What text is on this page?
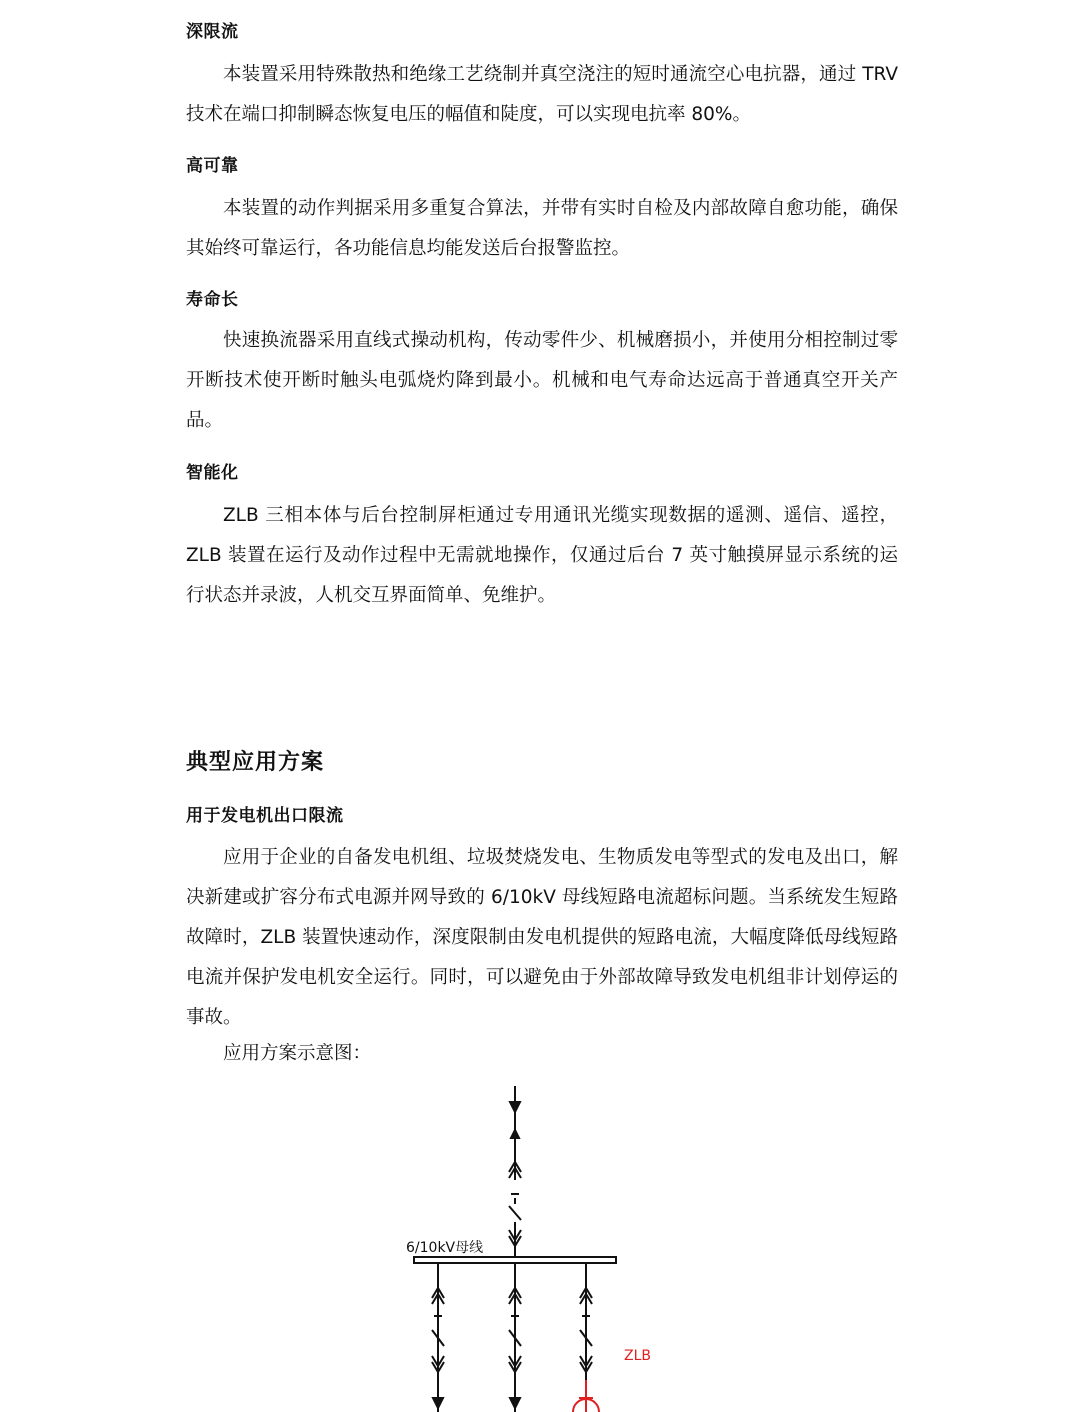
深限流

本装置采用特殊散热和绝缘工艺绕制并真空浇注的短时通流空心电抗器，通过 TRV 技术在端口抑制瞬态恢复电压的幅值和陡度，可以实现电抗率 80%。

高可靠

本装置的动作判据采用多重复合算法，并带有实时自检及内部故障自愈功能，确保其始终可靠运行，各功能信息均能发送后台报警监控。

寿命长

快速换流器采用直线式操动机构，传动零件少、机械磨损小，并使用分相控制过零开断技术使开断时触头电弧烧灼降到最小。机械和电气寿命达远高于普通真空开关产品。

智能化

ZLB 三相本体与后台控制屏柜通过专用通讯光缆实现数据的遥测、遥信、遥控，ZLB 装置在运行及动作过程中无需就地操作，仅通过后台 7 英寸触摸屏显示系统的运行状态并录波，人机交互界面简单、免维护。

典型应用方案
用于发电机出口限流

应用于企业的自备发电机组、垃圾焚烧发电、生物质发电等型式的发电及出口，解决新建或扩容分布式电源并网导致的 6/10kV 母线短路电流超标问题。当系统发生短路故障时，ZLB 装置快速动作，深度限制由发电机提供的短路电流，大幅度降低母线短路电流并保护发电机安全运行。同时，可以避免由于外部故障导致发电机组非计划停运的事故。

应用方案示意图：

6/10kV母线
ZLB
